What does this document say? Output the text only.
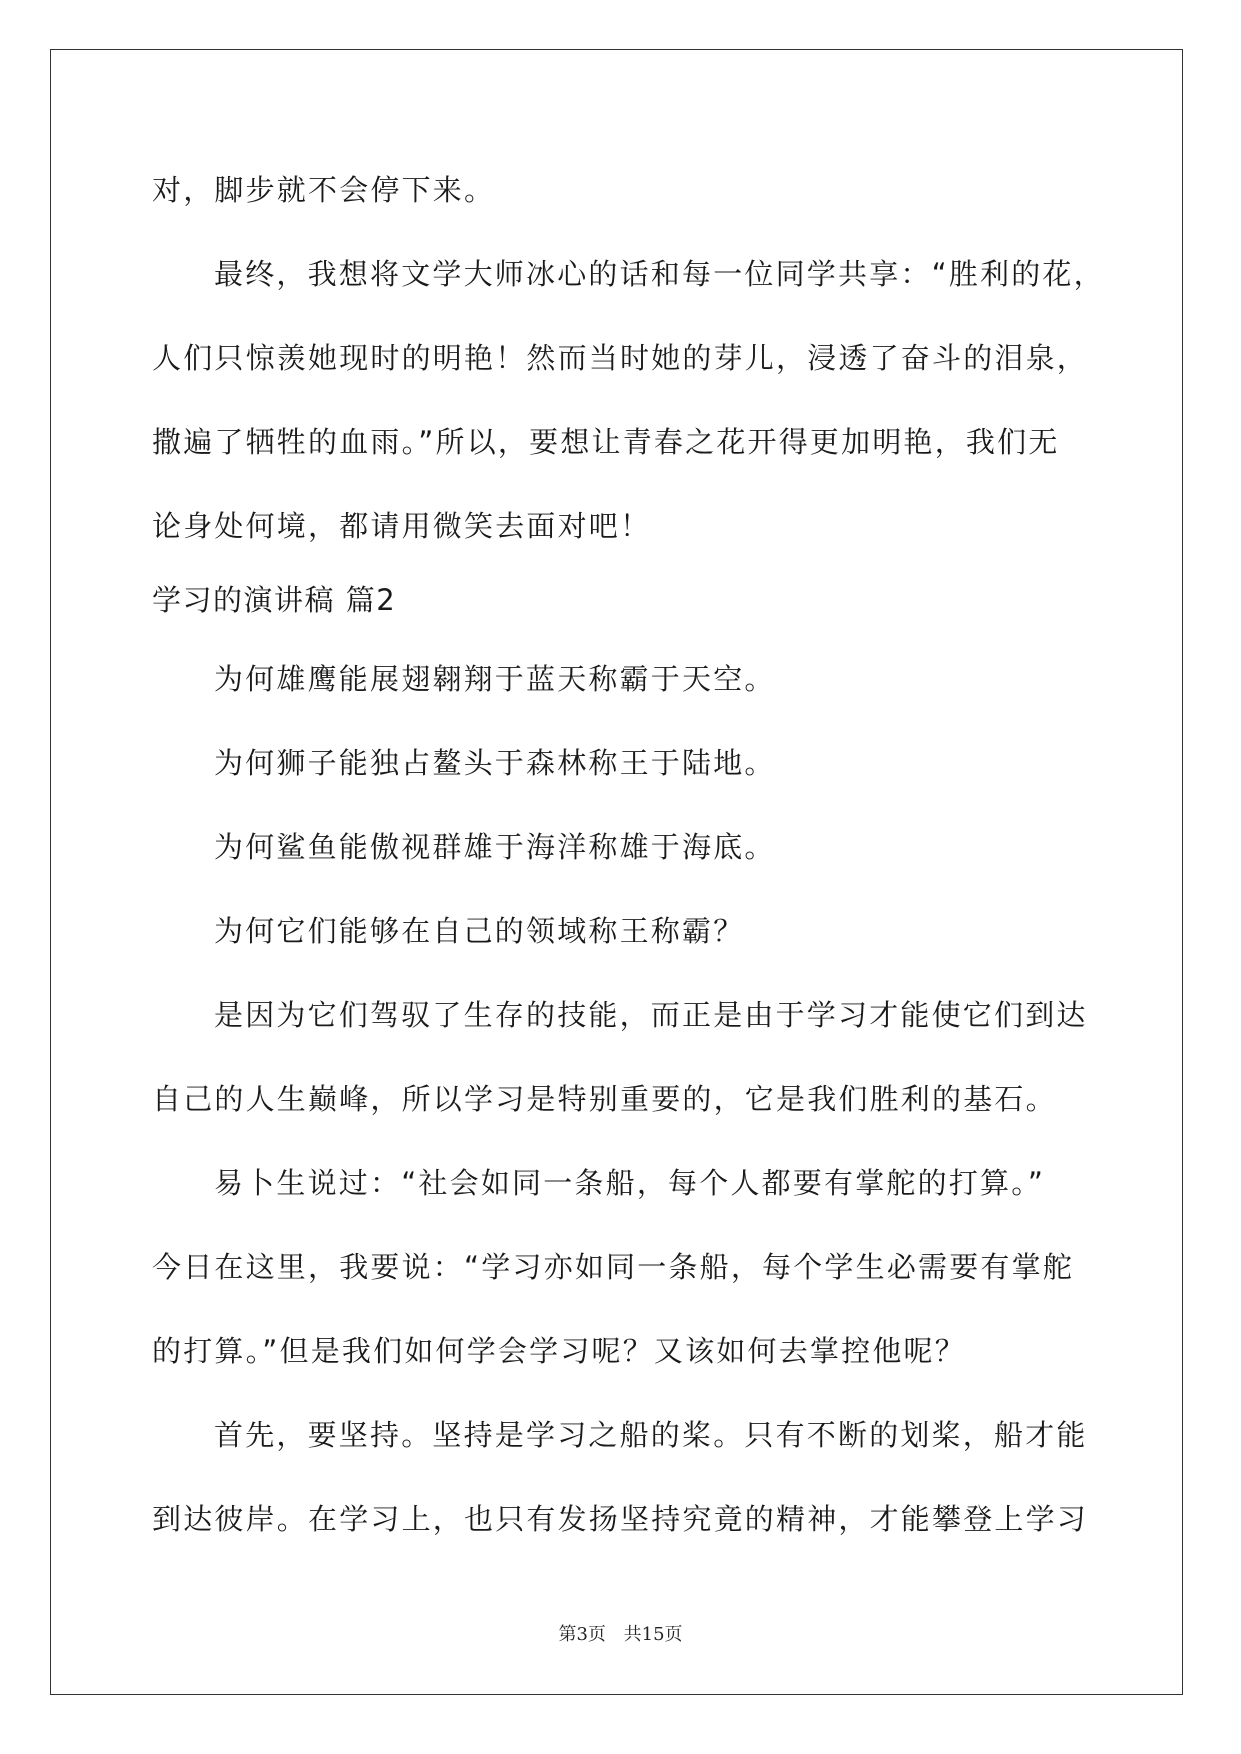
对，脚步就不会停下来。
最终，我想将文学大师冰心的话和每一位同学共享：“胜利的花，
人们只惊羡她现时的明艳！然而当时她的芽儿，浸透了奋斗的泪泉，
撒遍了牺牲的血雨。”所以，要想让青春之花开得更加明艳，我们无
论身处何境，都请用微笑去面对吧！
学习的演讲稿 篇2
为何雄鹰能展翅翱翔于蓝天称霸于天空。
为何狮子能独占鳌头于森林称王于陆地。
为何鲨鱼能傲视群雄于海洋称雄于海底。
为何它们能够在自己的领域称王称霸？
是因为它们驾驭了生存的技能，而正是由于学习才能使它们到达
自己的人生巅峰，所以学习是特别重要的，它是我们胜利的基石。
易卜生说过：“社会如同一条船，每个人都要有掌舵的打算。”
今日在这里，我要说：“学习亦如同一条船，每个学生必需要有掌舵
的打算。”但是我们如何学会学习呢？又该如何去掌控他呢？
首先，要坚持。坚持是学习之船的桨。只有不断的划桨，船才能
到达彼岸。在学习上，也只有发扬坚持究竟的精神，才能攀登上学习
第3页 共15页
